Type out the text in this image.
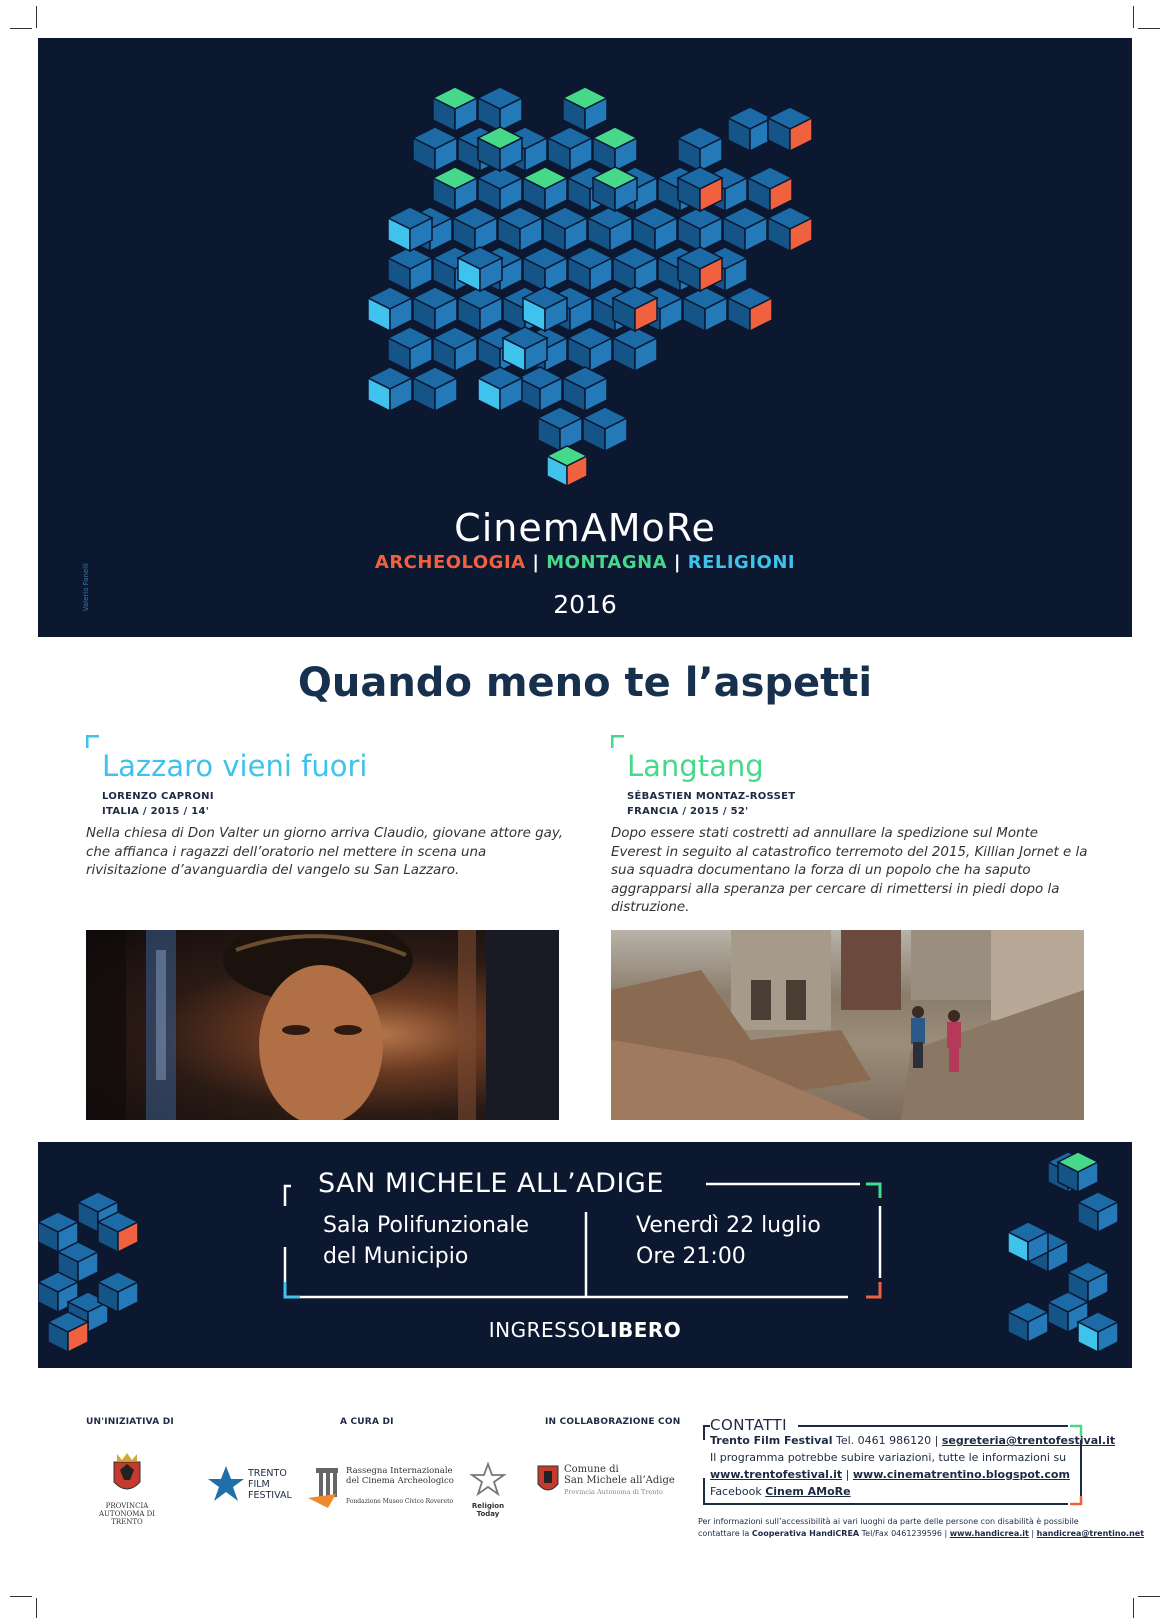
CinemAMoRe
ARCHEOLOGIA | MONTAGNA | RELIGIONI
2016
Valerio Fanelli
Quando meno te l’aspetti
Lazzaro vieni fuori
LORENZO CAPRONI
ITALIA / 2015 / 14'

Nella chiesa di Don Valter un giorno arriva Claudio, giovane attore gay, che affianca i ragazzi dell’oratorio nel mettere in scena una rivisitazione d’avanguardia del vangelo su San Lazzaro.

Langtang
SÉBASTIEN MONTAZ-ROSSET
FRANCIA / 2015 / 52'

Dopo essere stati costretti ad annullare la spedizione sul Monte Everest in seguito al catastrofico terremoto del 2015, Killian Jornet e la sua squadra documentano la forza di un popolo che ha saputo aggrapparsi alla speranza per cercare di rimettersi in piedi dopo la distruzione.

SAN MICHELE ALL’ADIGE
Sala Polifunzionale
del Municipio
Venerdì 22 luglio
Ore 21:00
INGRESSOLIBERO
UN'INIZIATIVA DI	A CURA DI	IN COLLABORAZIONE CON
PROVINCIA AUTONOMA DI TRENTO
TRENTO FILM FESTIVAL
Rassegna Internazionale del Cinema Archeologico
Fondazione Museo Civico Rovereto
Religion Today
Comune di
San Michele all’Adige
Provincia Autonoma di Trento
CONTATTI
Trento Film Festival Tel. 0461 986120 | segreteria@trentofestival.it
Il programma potrebbe subire variazioni, tutte le informazioni su
www.trentofestival.it | www.cinematrentino.blogspot.com
Facebook Cinem AMoRe
Per informazioni sull’accessibilità ai vari luoghi da parte delle persone con disabilità è possibile
contattare la Cooperativa HandiCREA Tel/Fax 0461239596 | www.handicrea.it | handicrea@trentino.net
